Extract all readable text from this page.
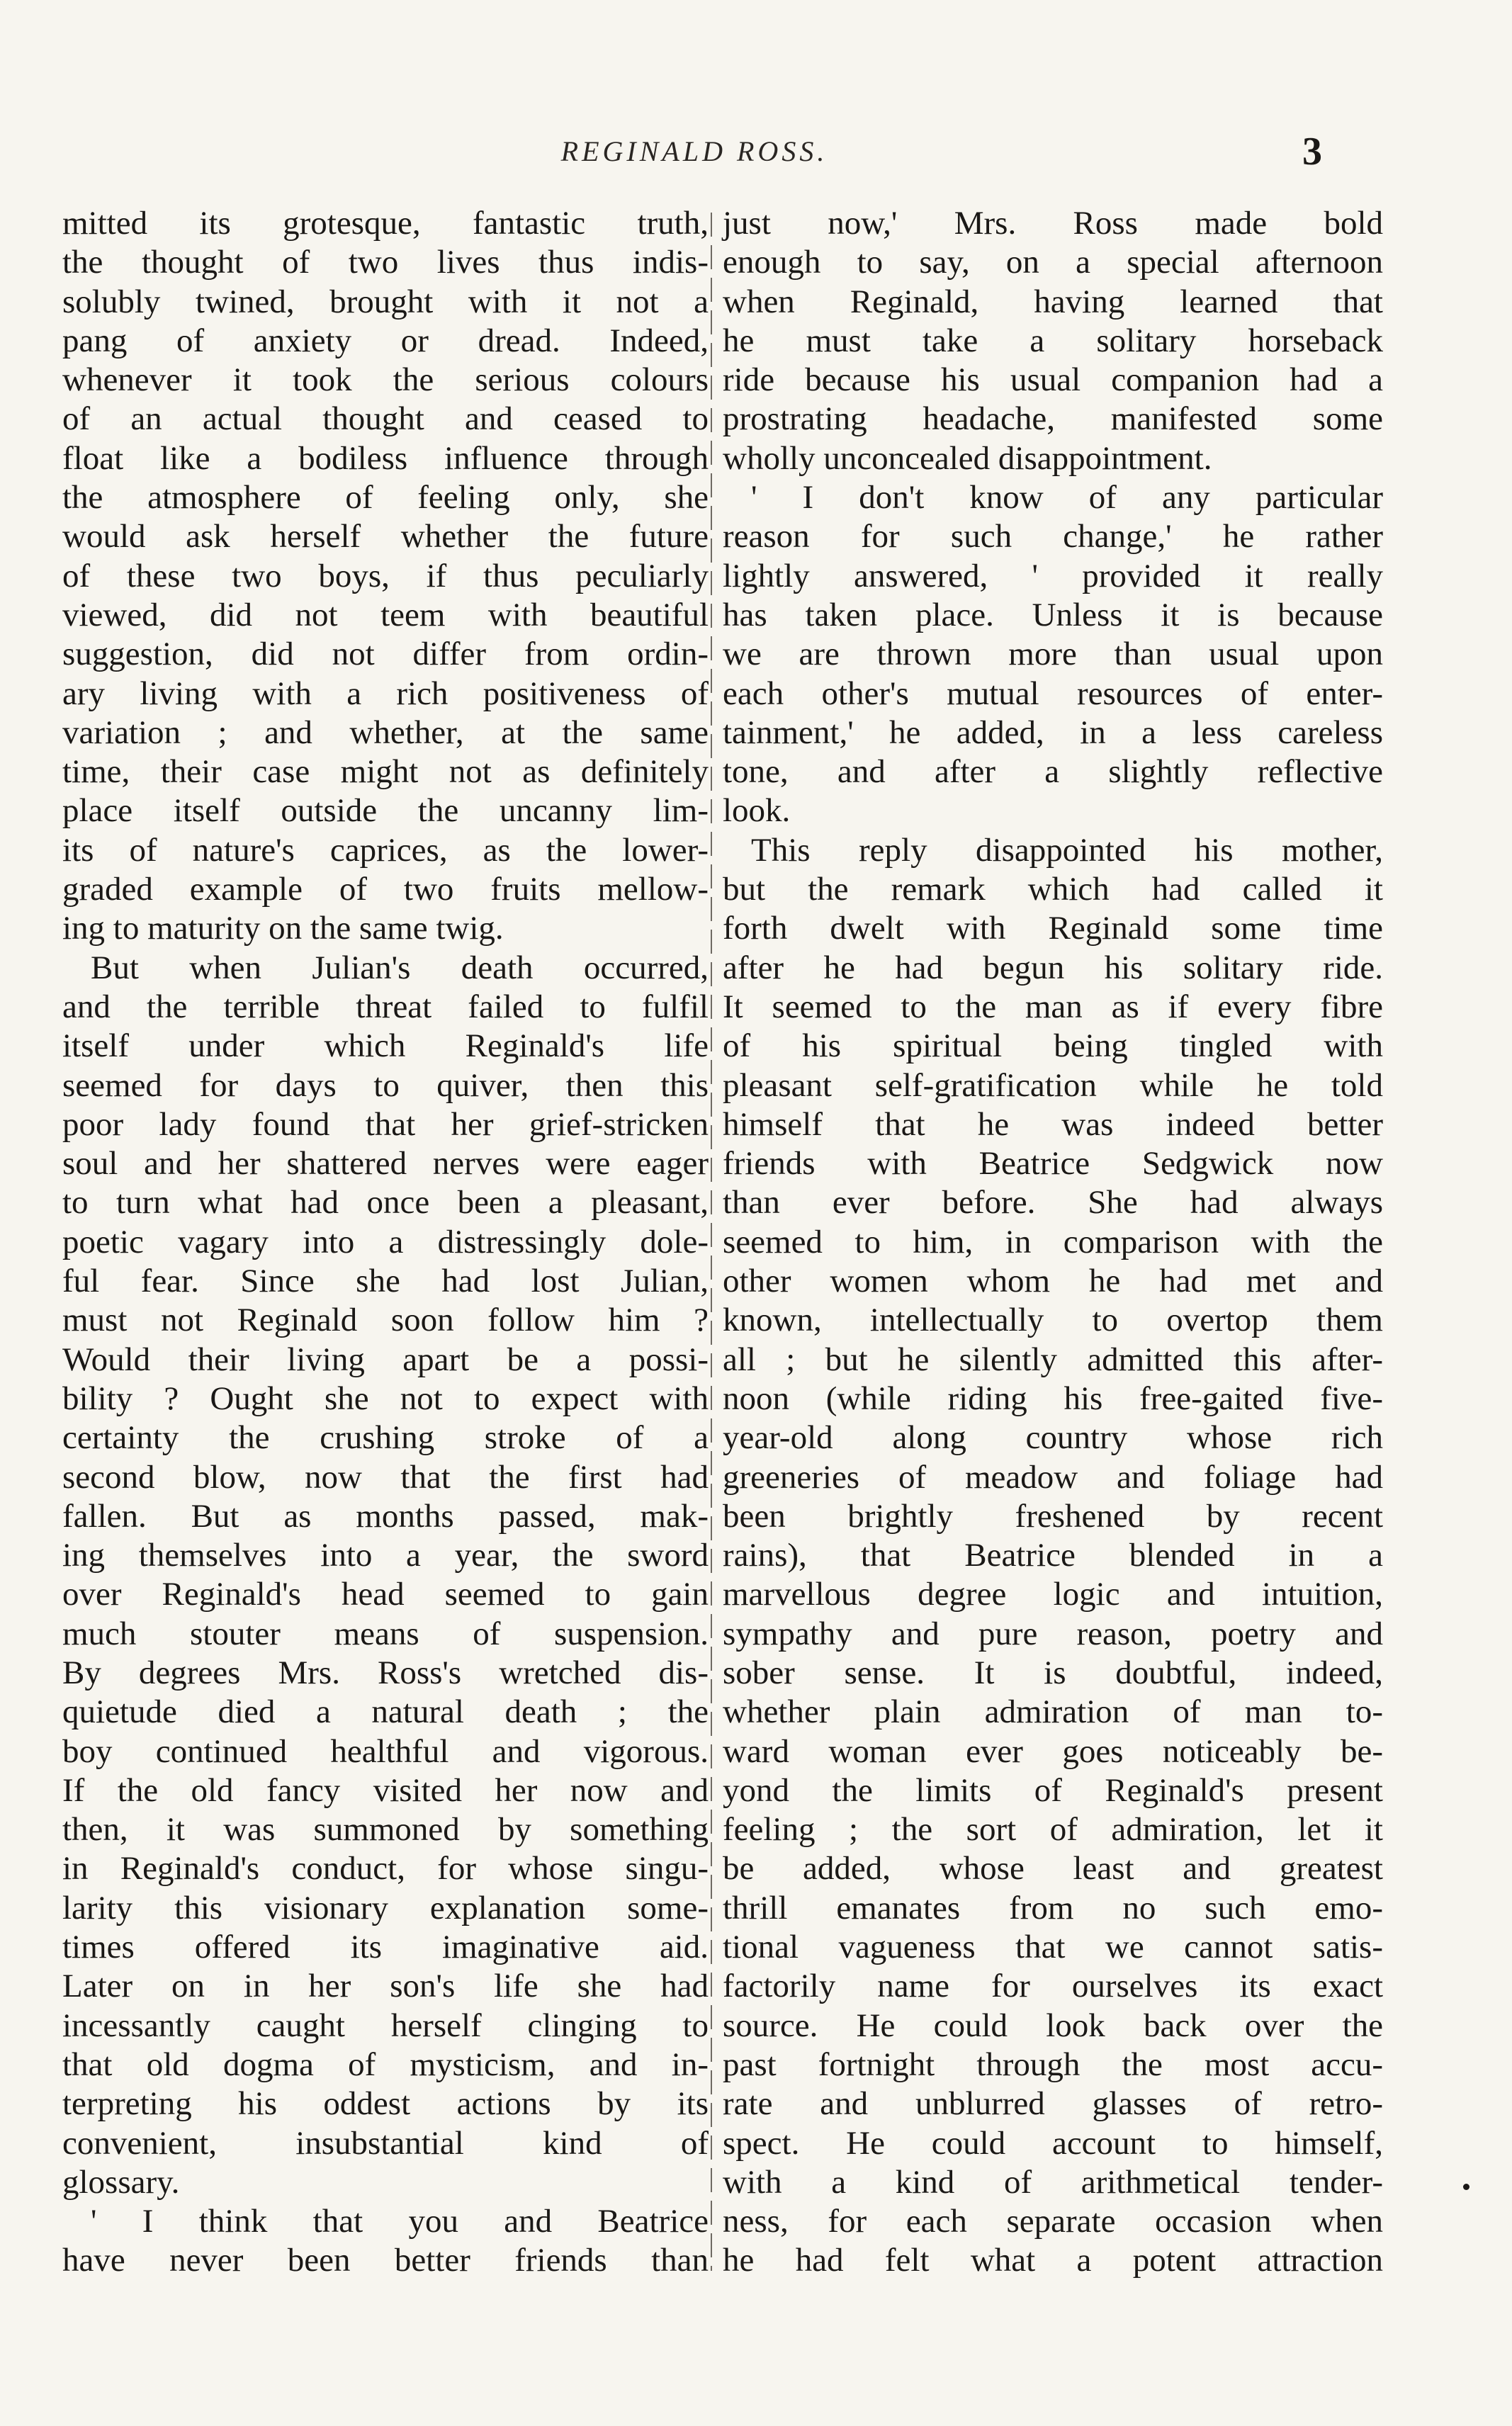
REGINALD ROSS.	3
mitted its grotesque, fantastic truth,
the thought of two lives thus indis-
solubly twined, brought with it not a
pang of anxiety or dread. Indeed,
whenever it took the serious colours
of an actual thought and ceased to
float like a bodiless influence through
the atmosphere of feeling only, she
would ask herself whether the future
of these two boys, if thus peculiarly
viewed, did not teem with beautiful
suggestion, did not differ from ordin-
ary living with a rich positiveness of
variation ; and whether, at the same
time, their case might not as definitely
place itself outside the uncanny lim-
its of nature's caprices, as the lower-
graded example of two fruits mellow-
ing to maturity on the same twig.
But when Julian's death occurred,
and the terrible threat failed to fulfil
itself under which Reginald's life
seemed for days to quiver, then this
poor lady found that her grief-stricken
soul and her shattered nerves were eager
to turn what had once been a pleasant,
poetic vagary into a distressingly dole-
ful fear. Since she had lost Julian,
must not Reginald soon follow him ?
Would their living apart be a possi-
bility ? Ought she not to expect with
certainty the crushing stroke of a
second blow, now that the first had
fallen. But as months passed, mak-
ing themselves into a year, the sword
over Reginald's head seemed to gain
much stouter means of suspension.
By degrees Mrs. Ross's wretched dis-
quietude died a natural death ; the
boy continued healthful and vigorous.
If the old fancy visited her now and
then, it was summoned by something
in Reginald's conduct, for whose singu-
larity this visionary explanation some-
times offered its imaginative aid.
Later on in her son's life she had
incessantly caught herself clinging to
that old dogma of mysticism, and in-
terpreting his oddest actions by its
convenient, insubstantial kind of
glossary.
' I think that you and Beatrice
have never been better friends than
just now,' Mrs. Ross made bold
enough to say, on a special afternoon
when Reginald, having learned that
he must take a solitary horseback
ride because his usual companion had a
prostrating headache, manifested some
wholly unconcealed disappointment.
' I don't know of any particular
reason for such change,' he rather
lightly answered, ' provided it really
has taken place. Unless it is because
we are thrown more than usual upon
each other's mutual resources of enter-
tainment,' he added, in a less careless
tone, and after a slightly reflective
look.
This reply disappointed his mother,
but the remark which had called it
forth dwelt with Reginald some time
after he had begun his solitary ride.
It seemed to the man as if every fibre
of his spiritual being tingled with
pleasant self-gratification while he told
himself that he was indeed better
friends with Beatrice Sedgwick now
than ever before. She had always
seemed to him, in comparison with the
other women whom he had met and
known, intellectually to overtop them
all ; but he silently admitted this after-
noon (while riding his free-gaited five-
year-old along country whose rich
greeneries of meadow and foliage had
been brightly freshened by recent
rains), that Beatrice blended in a
marvellous degree logic and intuition,
sympathy and pure reason, poetry and
sober sense. It is doubtful, indeed,
whether plain admiration of man to-
ward woman ever goes noticeably be-
yond the limits of Reginald's present
feeling ; the sort of admiration, let it
be added, whose least and greatest
thrill emanates from no such emo-
tional vagueness that we cannot satis-
factorily name for ourselves its exact
source. He could look back over the
past fortnight through the most accu-
rate and unblurred glasses of retro-
spect. He could account to himself,
with a kind of arithmetical tender-
ness, for each separate occasion when
he had felt what a potent attraction
